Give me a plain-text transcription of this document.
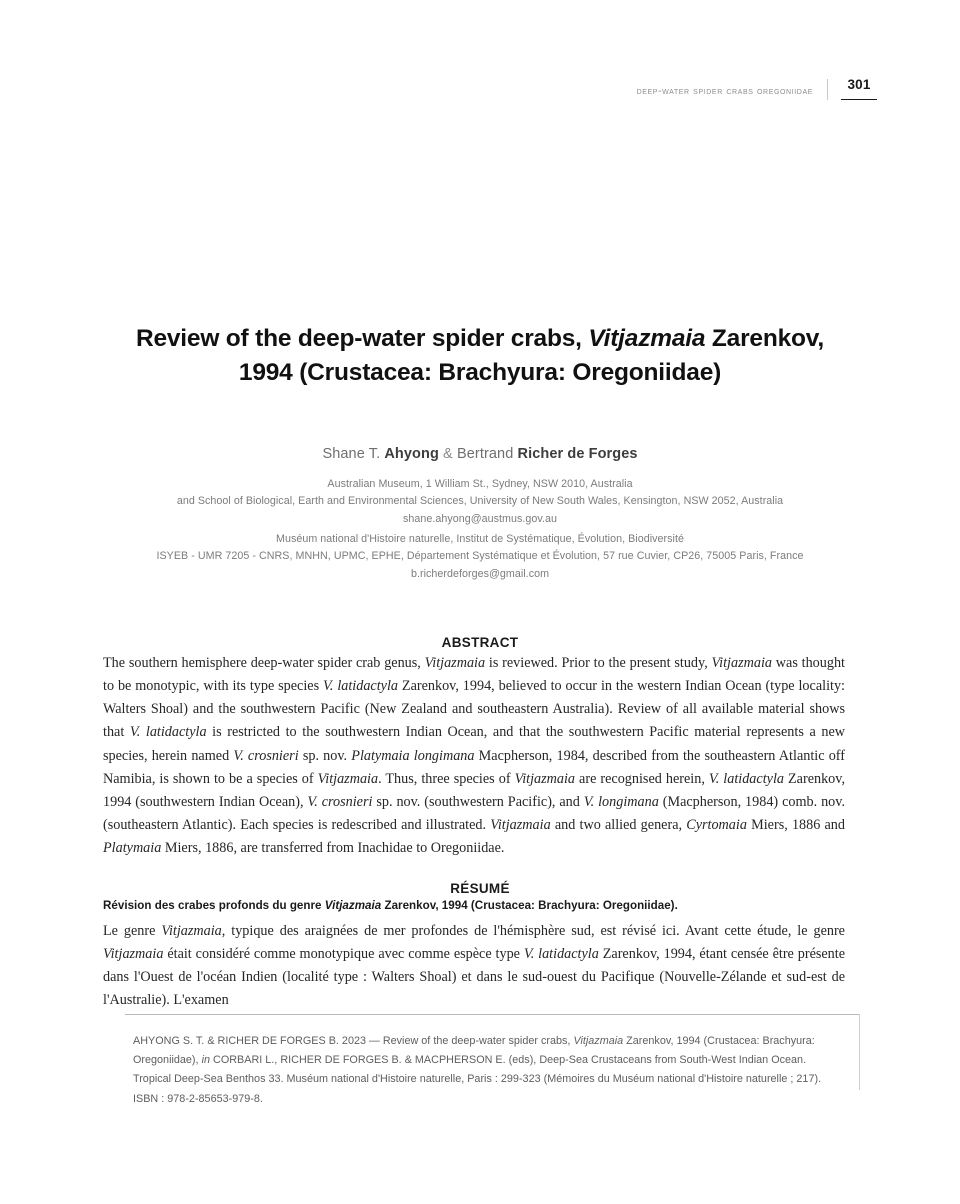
deep-water spider crabs oregoniidae	301
Review of the deep-water spider crabs, Vitjazmaia Zarenkov,
1994 (Crustacea: Brachyura: Oregoniidae)
Shane T. Ahyong & Bertrand Richer de Forges
Australian Museum, 1 William St., Sydney, NSW 2010, Australia
and School of Biological, Earth and Environmental Sciences, University of New South Wales, Kensington, NSW 2052, Australia
shane.ahyong@austmus.gov.au
Muséum national d'Histoire naturelle, Institut de Systématique, Évolution, Biodiversité
ISYEB - UMR 7205 - CNRS, MNHN, UPMC, EPHE, Département Systématique et Évolution, 57 rue Cuvier, CP26, 75005 Paris, France
b.richerdeforges@gmail.com
ABSTRACT
The southern hemisphere deep-water spider crab genus, Vitjazmaia is reviewed. Prior to the present study, Vitjazmaia was thought to be monotypic, with its type species V. latidactyla Zarenkov, 1994, believed to occur in the western Indian Ocean (type locality: Walters Shoal) and the southwestern Pacific (New Zealand and southeastern Australia). Review of all available material shows that V. latidactyla is restricted to the southwestern Indian Ocean, and that the southwestern Pacific material represents a new species, herein named V. crosnieri sp. nov. Platymaia longimana Macpherson, 1984, described from the southeastern Atlantic off Namibia, is shown to be a species of Vitjazmaia. Thus, three species of Vitjazmaia are recognised herein, V. latidactyla Zarenkov, 1994 (southwestern Indian Ocean), V. crosnieri sp. nov. (southwestern Pacific), and V. longimana (Macpherson, 1984) comb. nov. (southeastern Atlantic). Each species is redescribed and illustrated. Vitjazmaia and two allied genera, Cyrtomaia Miers, 1886 and Platymaia Miers, 1886, are transferred from Inachidae to Oregoniidae.
RÉSUMÉ
Révision des crabes profonds du genre Vitjazmaia Zarenkov, 1994 (Crustacea: Brachyura: Oregoniidae).
Le genre Vitjazmaia, typique des araignées de mer profondes de l'hémisphère sud, est révisé ici. Avant cette étude, le genre Vitjazmaia était considéré comme monotypique avec comme espèce type V. latidactyla Zarenkov, 1994, étant censée être présente dans l'Ouest de l'océan Indien (localité type : Walters Shoal) et dans le sud-ouest du Pacifique (Nouvelle-Zélande et sud-est de l'Australie). L'examen
AHYONG S. T. & RICHER DE FORGES B. 2023 — Review of the deep-water spider crabs, Vitjazmaia Zarenkov, 1994 (Crustacea: Brachyura: Oregoniidae), in CORBARI L., RICHER DE FORGES B. & MACPHERSON E. (eds), Deep-Sea Crustaceans from South-West Indian Ocean. Tropical Deep-Sea Benthos 33. Muséum national d'Histoire naturelle, Paris : 299-323 (Mémoires du Muséum national d'Histoire naturelle ; 217). ISBN : 978-2-85653-979-8.
